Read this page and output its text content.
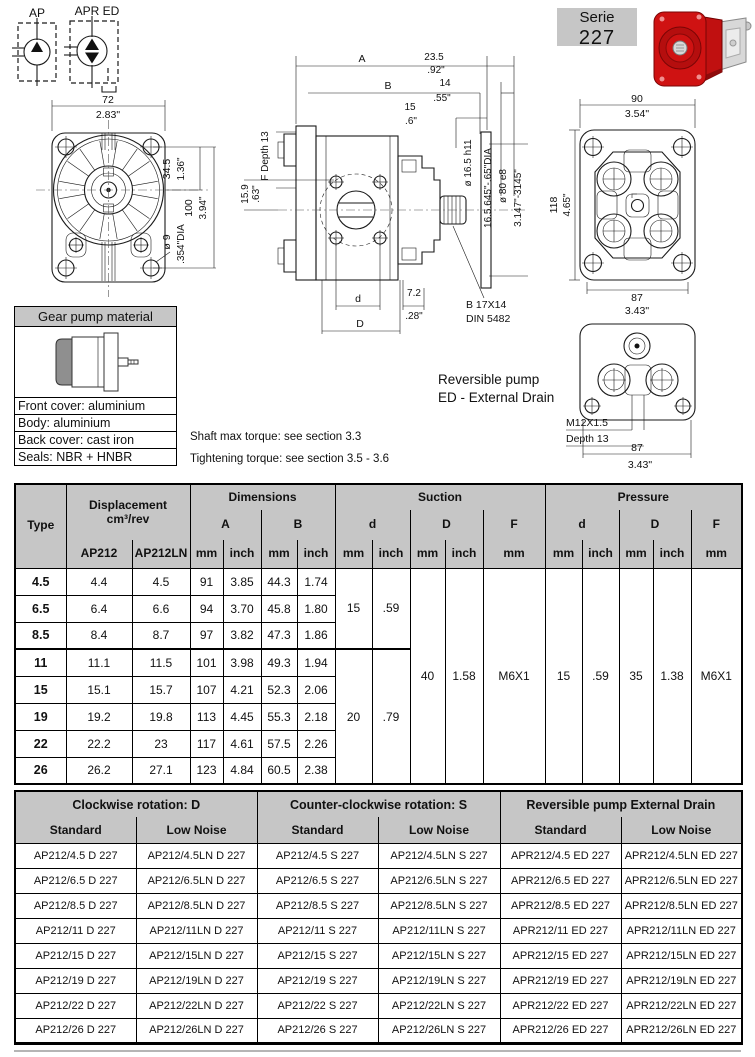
AP APR ED	Serie
227
72
2.83"
34.5 1.36"
100 3.94"
ø 9 .354"DIA
A	23.5
.92"
B	14
.55"
15
.6"
F Depth 13
15.9 .63"
ø 16.5 h11 16.5.645"-.65"DIA ø 80 e8 3.147"-3145"
d
D
7.2
.28"
B 17X14
DIN 5482
90
3.54"
118 4.65"
87
3.43"
M12X1.5
Depth 13
87
3.43"
Reversible pump
ED - External Drain
Gear pump material
Front cover: aluminium
Body: aluminium
Back cover: cast iron
Seals: NBR + HNBR
Shaft max torque: see section 3.3
Tightening torque: see section 3.5 - 3.6
Type	Displacement
cm³/rev		Dimensions				Suction					Pressure				
			A		B		d		D		F	d		D		F
	AP212	AP212LN	mm	inch	mm	inch	mm	inch	mm	inch	mm	mm	inch	mm	inch	mm
4.5	4.4	4.5	91	3.85	44.3	1.74	15	.59	40	1.58	M6X1	15	.59	35	1.38	M6X1
6.5	6.4	6.6	94	3.70	45.8	1.80										
8.5	8.4	8.7	97	3.82	47.3	1.86										
11	11.1	11.5	101	3.98	49.3	1.94	20	.79								
15	15.1	15.7	107	4.21	52.3	2.06										
19	19.2	19.8	113	4.45	55.3	2.18										
22	22.2	23	117	4.61	57.5	2.26										
26	26.2	27.1	123	4.84	60.5	2.38										
Clockwise rotation: D		Counter-clockwise rotation: S		Reversible pump External Drain	
Standard	Low Noise	Standard	Low Noise	Standard	Low Noise
AP212/4.5 D 227	AP212/4.5LN D 227	AP212/4.5 S 227	AP212/4.5LN S 227	APR212/4.5 ED 227	APR212/4.5LN ED 227
AP212/6.5 D 227	AP212/6.5LN D 227	AP212/6.5 S 227	AP212/6.5LN S 227	APR212/6.5 ED 227	APR212/6.5LN ED 227
AP212/8.5 D 227	AP212/8.5LN D 227	AP212/8.5 S 227	AP212/8.5LN S 227	APR212/8.5 ED 227	APR212/8.5LN ED 227
AP212/11 D 227	AP212/11LN D 227	AP212/11 S 227	AP212/11LN S 227	APR212/11 ED 227	APR212/11LN ED 227
AP212/15 D 227	AP212/15LN D 227	AP212/15 S 227	AP212/15LN S 227	APR212/15 ED 227	APR212/15LN ED 227
AP212/19 D 227	AP212/19LN D 227	AP212/19 S 227	AP212/19LN S 227	APR212/19 ED 227	APR212/19LN ED 227
AP212/22 D 227	AP212/22LN D 227	AP212/22 S 227	AP212/22LN S 227	APR212/22 ED 227	APR212/22LN ED 227
AP212/26 D 227	AP212/26LN D 227	AP212/26 S 227	AP212/26LN S 227	APR212/26 ED 227	APR212/26LN ED 227
